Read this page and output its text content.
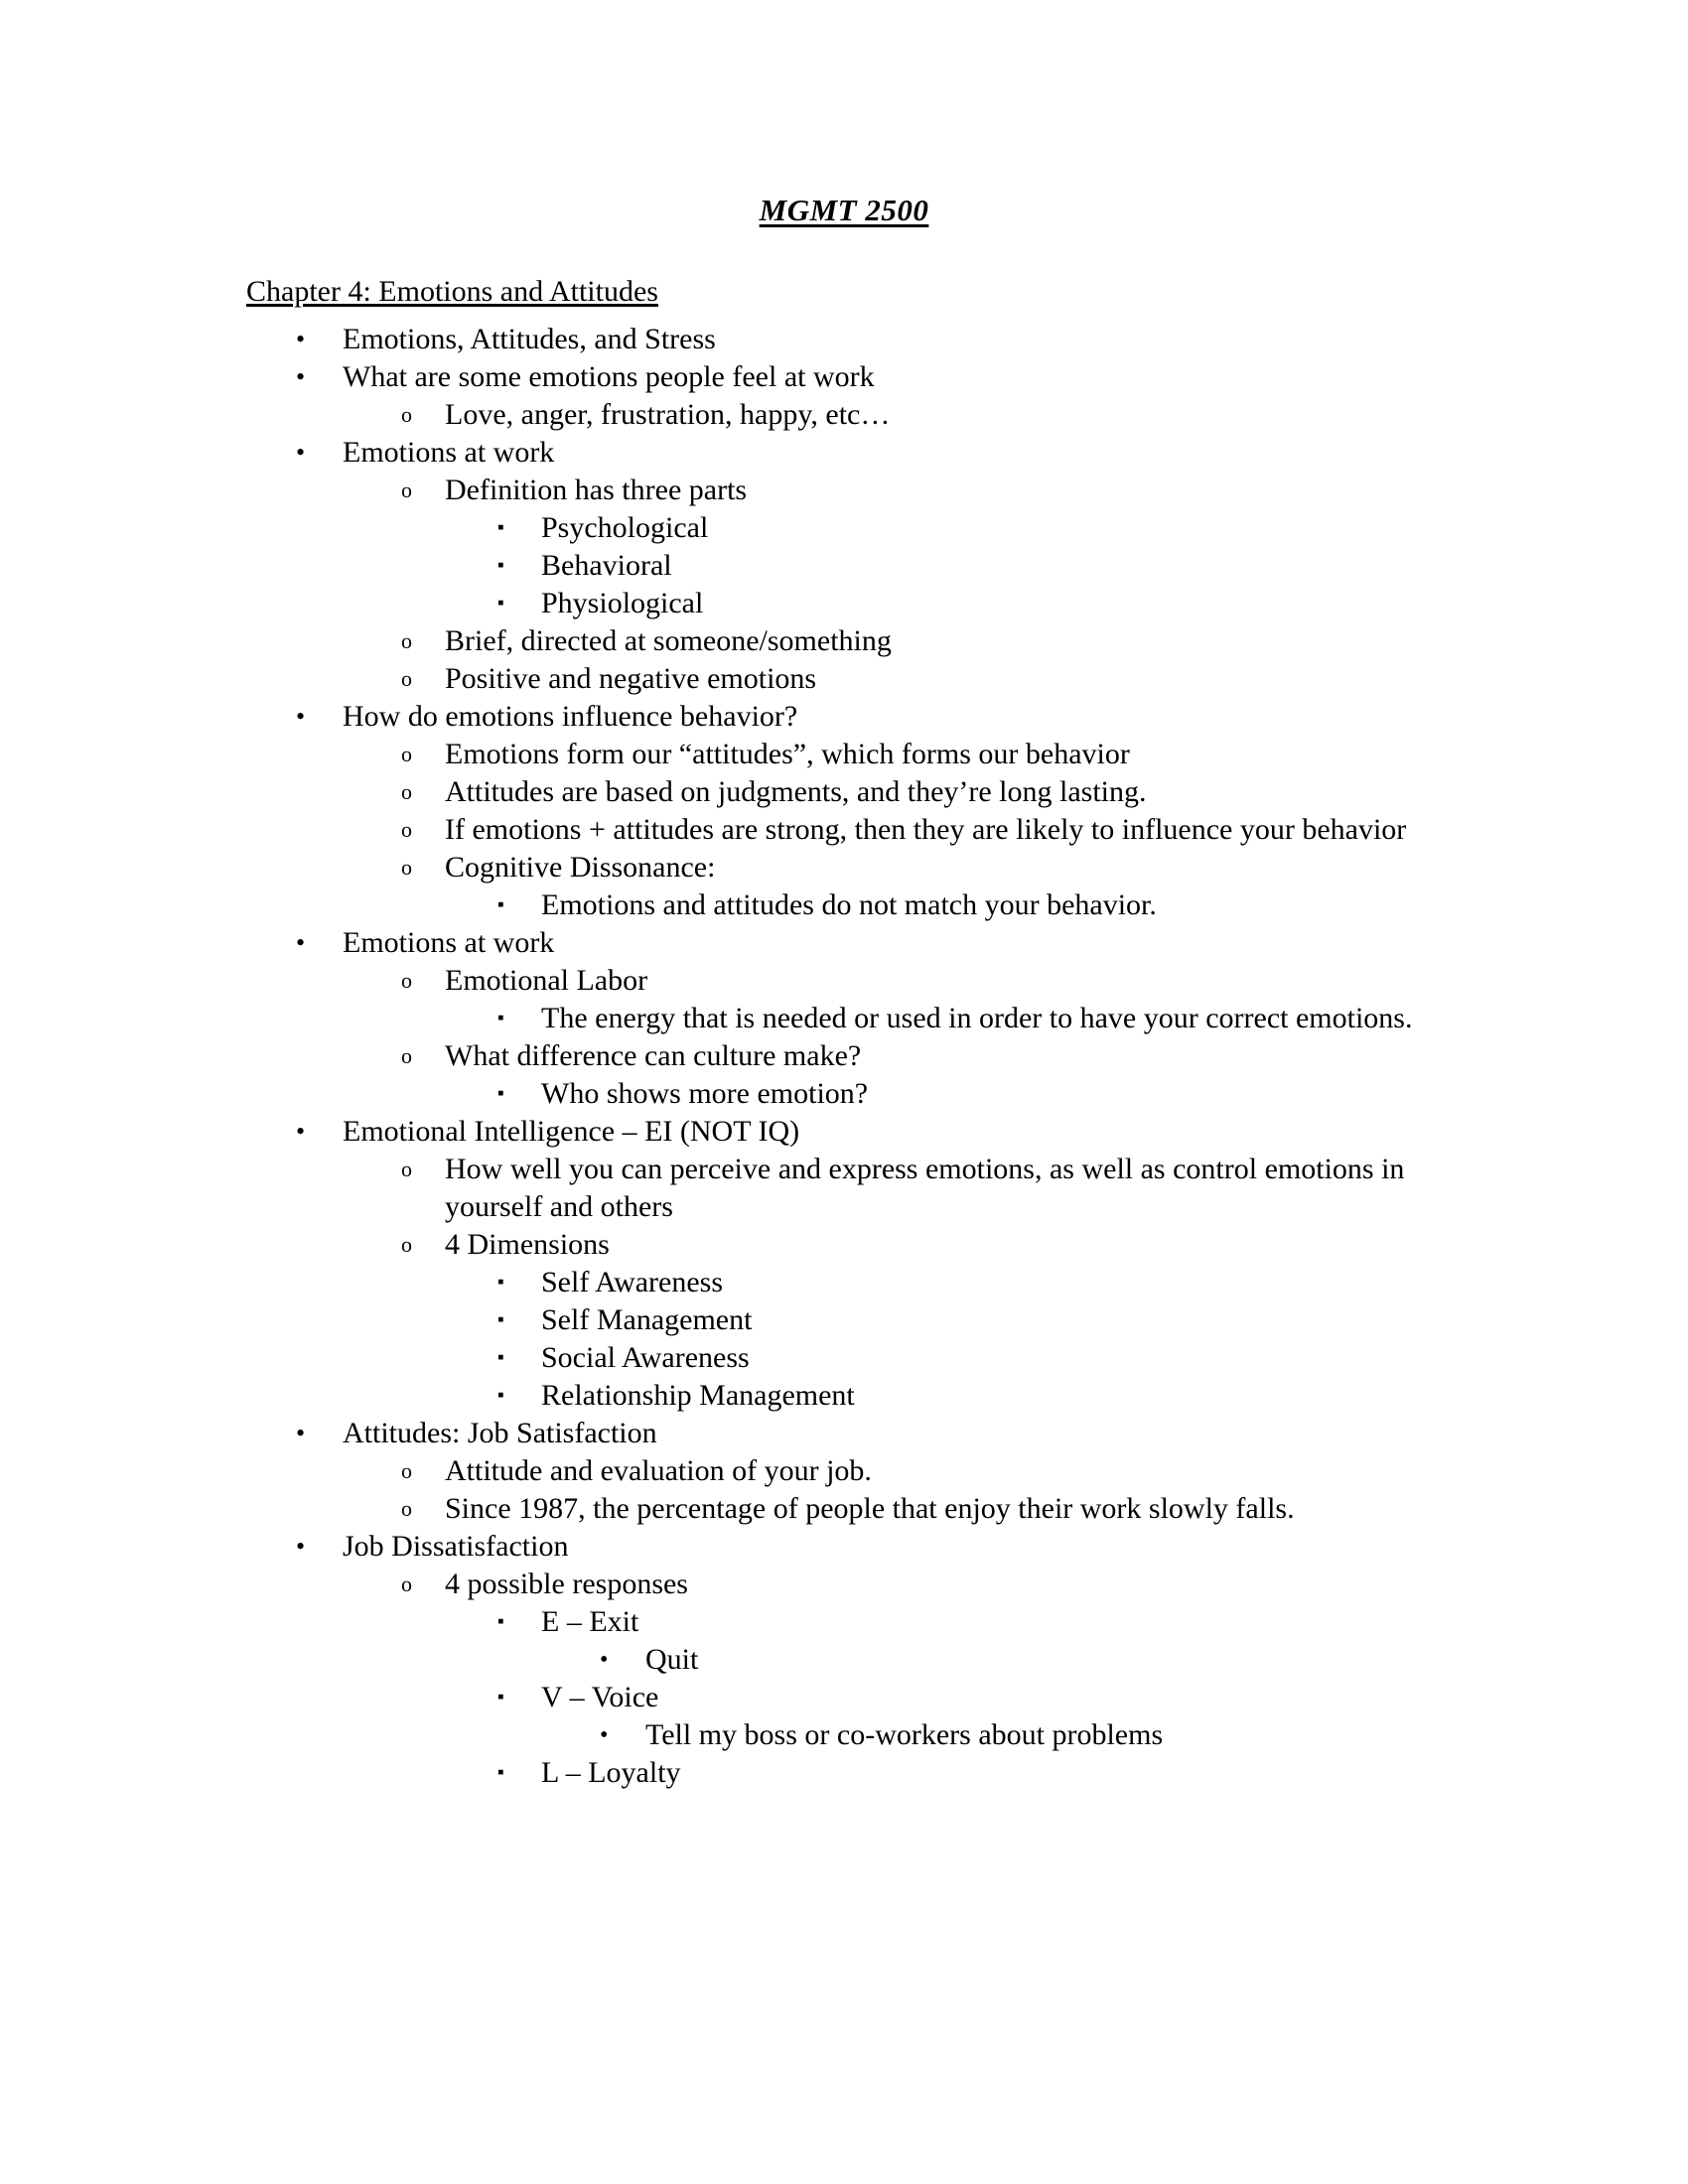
MGMT 2500
Chapter 4: Emotions and Attitudes
• Emotions, Attitudes, and Stress
• What are some emotions people feel at work
o Love, anger, frustration, happy, etc…
• Emotions at work
o Definition has three parts
▪ Psychological
▪ Behavioral
▪ Physiological
o Brief, directed at someone/something
o Positive and negative emotions
• How do emotions influence behavior?
o Emotions form our “attitudes”, which forms our behavior
o Attitudes are based on judgments, and they’re long lasting.
o If emotions + attitudes are strong, then they are likely to influence your behavior
o Cognitive Dissonance:
▪ Emotions and attitudes do not match your behavior.
• Emotions at work
o Emotional Labor
▪ The energy that is needed or used in order to have your correct emotions.
o What difference can culture make?
▪ Who shows more emotion?
• Emotional Intelligence – EI (NOT IQ)
o How well you can perceive and express emotions, as well as control emotions in yourself and others
o 4 Dimensions
▪ Self Awareness
▪ Self Management
▪ Social Awareness
▪ Relationship Management
• Attitudes: Job Satisfaction
o Attitude and evaluation of your job.
o Since 1987, the percentage of people that enjoy their work slowly falls.
• Job Dissatisfaction
o 4 possible responses
▪ E – Exit
• Quit
▪ V – Voice
• Tell my boss or co-workers about problems
▪ L – Loyalty
